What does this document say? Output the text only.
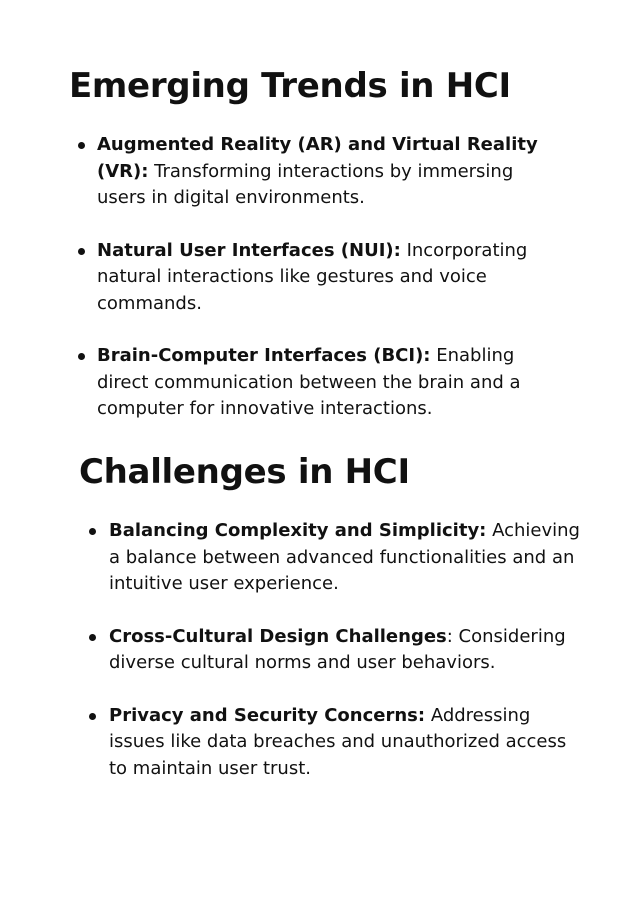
Emerging Trends in HCI
Augmented Reality (AR) and Virtual Reality (VR): Transforming interactions by immersing users in digital environments.
Natural User Interfaces (NUI): Incorporating natural interactions like gestures and voice commands.
Brain-Computer Interfaces (BCI): Enabling direct communication between the brain and a computer for innovative interactions.
Challenges in HCI
Balancing Complexity and Simplicity: Achieving a balance between advanced functionalities and an intuitive user experience.
Cross-Cultural Design Challenges: Considering diverse cultural norms and user behaviors.
Privacy and Security Concerns: Addressing issues like data breaches and unauthorized access to maintain user trust.
